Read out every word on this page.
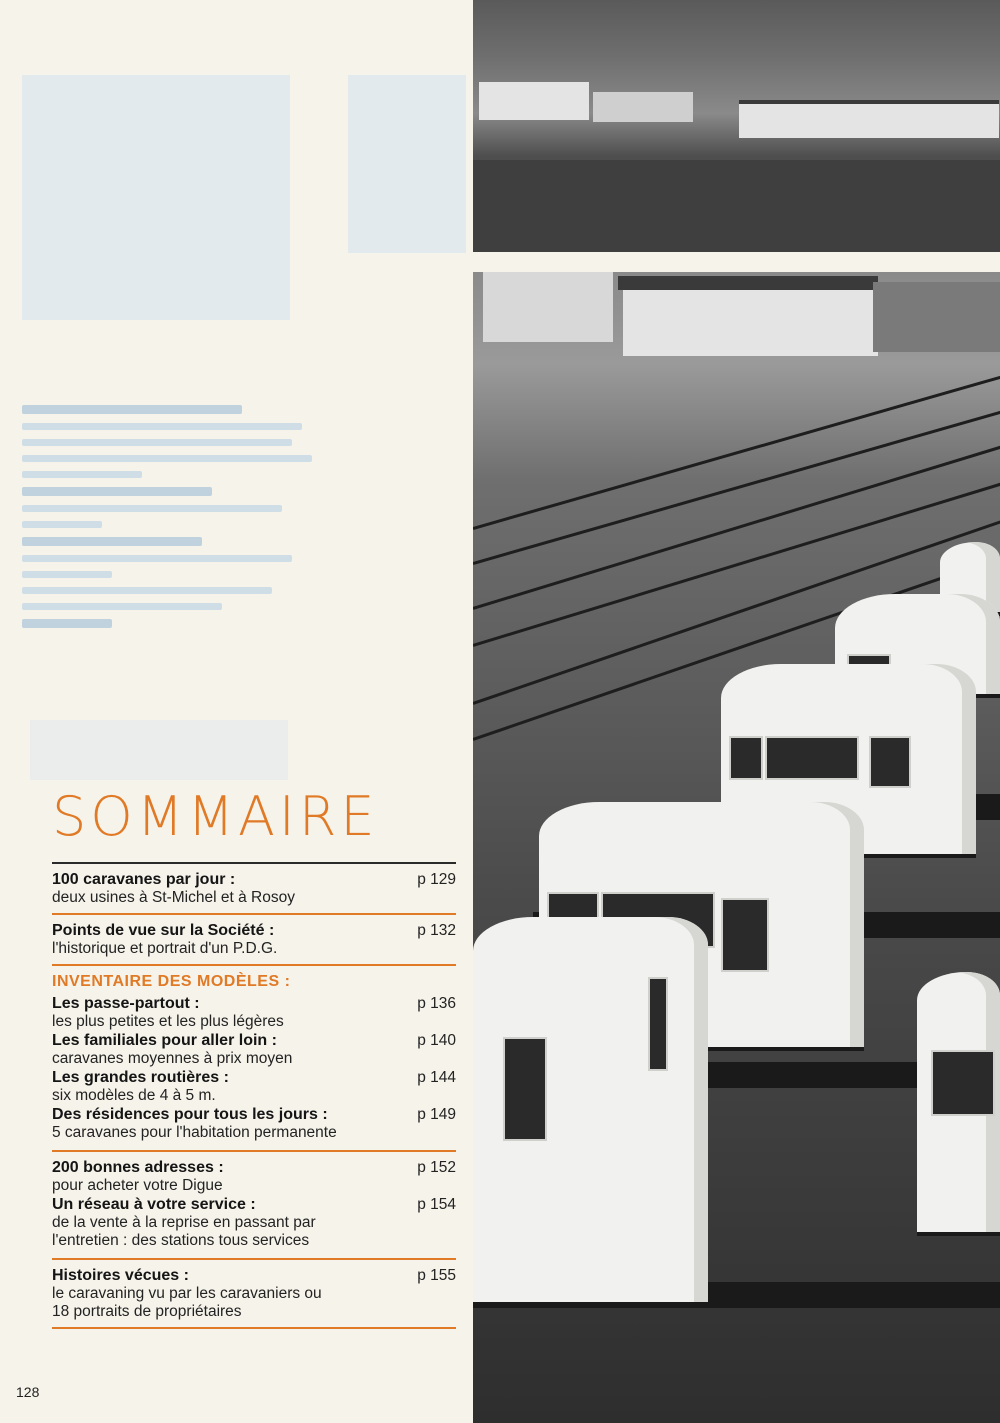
SOMMAIRE
100 caravanes par jour :
deux usines à St-Michel et à Rosoy
p 129
Points de vue sur la Société :
l'historique et portrait d'un P.D.G.
p 132
INVENTAIRE DES MODÈLES :
Les passe-partout :
les plus petites et les plus légères
p 136
Les familiales pour aller loin :
caravanes moyennes à prix moyen
p 140
Les grandes routières :
six modèles de 4 à 5 m.
p 144
Des résidences pour tous les jours :
5 caravanes pour l'habitation permanente
p 149
200 bonnes adresses :
pour acheter votre Digue
p 152
Un réseau à votre service :
de la vente à la reprise en passant par
l'entretien : des stations tous services
p 154
Histoires vécues :
le caravaning vu par les caravaniers ou
18 portraits de propriétaires
p 155
128
